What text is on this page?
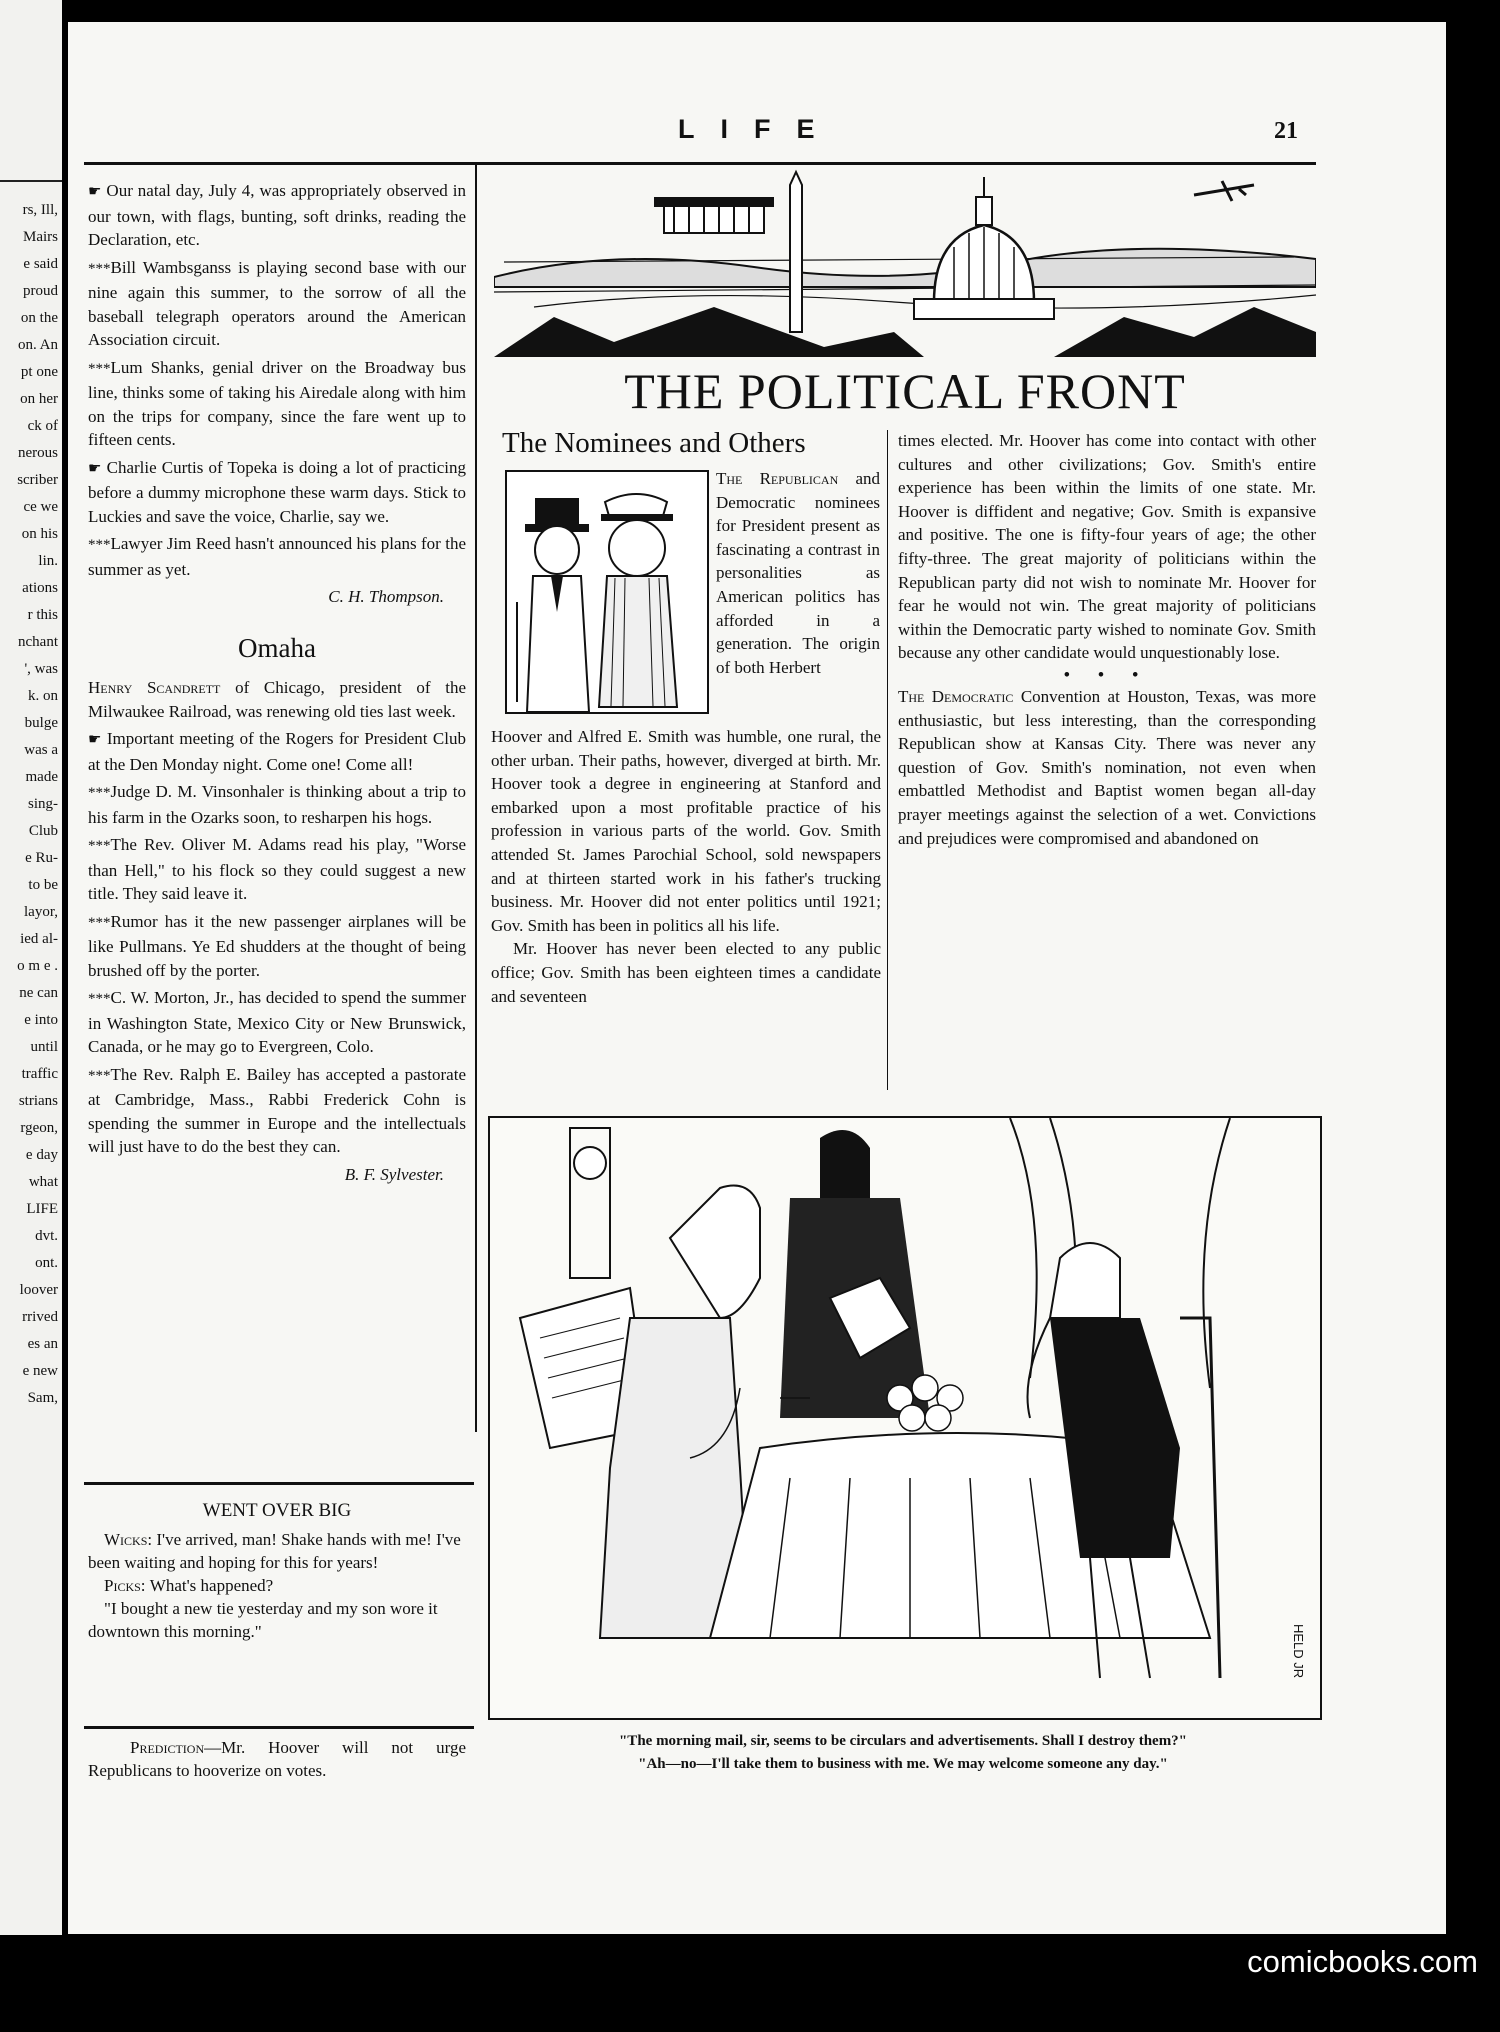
rs, Ill,
Mairs
e said
proud
on the
on. An
pt one
on her
ck of
nerous
scriber
ce we
on his
lin.
ations
r this
nchant
', was
k. on
bulge
was a
made
sing-
Club
e Ru-
to be
layor,
ied al-
o m e .
ne can
e into
until
traffic
strians
rgeon,
e day
what
LIFE
dvt.
ont.
loover
rrived
es an
e new
Sam,
LIFE	21

☛ Our natal day, July 4, was appropriately observed in our town, with flags, bunting, soft drinks, reading the Declaration, etc.

***Bill Wambsganss is playing second base with our nine again this summer, to the sorrow of all the baseball telegraph operators around the American Association circuit.

***Lum Shanks, genial driver on the Broadway bus line, thinks some of taking his Airedale along with him on the trips for company, since the fare went up to fifteen cents.

☛ Charlie Curtis of Topeka is doing a lot of practicing before a dummy microphone these warm days. Stick to Luckies and save the voice, Charlie, say we.

***Lawyer Jim Reed hasn't announced his plans for the summer as yet.

C. H. Thompson.

Omaha

Henry Scandrett of Chicago, president of the Milwaukee Railroad, was renewing old ties last week.

☛ Important meeting of the Rogers for President Club at the Den Monday night. Come one! Come all!

***Judge D. M. Vinsonhaler is thinking about a trip to his farm in the Ozarks soon, to resharpen his hogs.

***The Rev. Oliver M. Adams read his play, "Worse than Hell," to his flock so they could suggest a new title. They said leave it.

***Rumor has it the new passenger airplanes will be like Pullmans. Ye Ed shudders at the thought of being brushed off by the porter.

***C. W. Morton, Jr., has decided to spend the summer in Washington State, Mexico City or New Brunswick, Canada, or he may go to Evergreen, Colo.

***The Rev. Ralph E. Bailey has accepted a pastorate at Cambridge, Mass., Rabbi Frederick Cohn is spending the summer in Europe and the intellectuals will just have to do the best they can.

B. F. Sylvester.

WENT OVER BIG

Wicks: I've arrived, man! Shake hands with me! I've been waiting and hoping for this for years!

Picks: What's happened?

"I bought a new tie yesterday and my son wore it downtown this morning."

Prediction—Mr. Hoover will not urge Republicans to hooverize on votes.
THE POLITICAL FRONT
The Nominees and Others

The Republican and Democratic nominees for President present as fascinating a contrast in personalities as American politics has afforded in a generation. The origin of both Herbert

Hoover and Alfred E. Smith was humble, one rural, the other urban. Their paths, however, diverged at birth. Mr. Hoover took a degree in engineering at Stanford and embarked upon a most profitable practice of his profession in various parts of the world. Gov. Smith attended St. James Parochial School, sold newspapers and at thirteen started work in his father's trucking business. Mr. Hoover did not enter politics until 1921; Gov. Smith has been in politics all his life.

Mr. Hoover has never been elected to any public office; Gov. Smith has been eighteen times a candidate and seventeen

times elected. Mr. Hoover has come into contact with other cultures and other civilizations; Gov. Smith's entire experience has been within the limits of one state. Mr. Hoover is diffident and negative; Gov. Smith is expansive and positive. The one is fifty-four years of age; the other fifty-three. The great majority of politicians within the Republican party did not wish to nominate Mr. Hoover for fear he would not win. The great majority of politicians within the Democratic party wished to nominate Gov. Smith because any other candidate would unquestionably lose.

• • •

The Democratic Convention at Houston, Texas, was more enthusiastic, but less interesting, than the corresponding Republican show at Kansas City. There was never any question of Gov. Smith's nomination, not even when embattled Methodist and Baptist women began all-day prayer meetings against the selection of a wet. Convictions and prejudices were compromised and abandoned on

HELD JR
"The morning mail, sir, seems to be circulars and advertisements. Shall I destroy them?"
"Ah—no—I'll take them to business with me. We may welcome someone any day."
comicbooks.com
